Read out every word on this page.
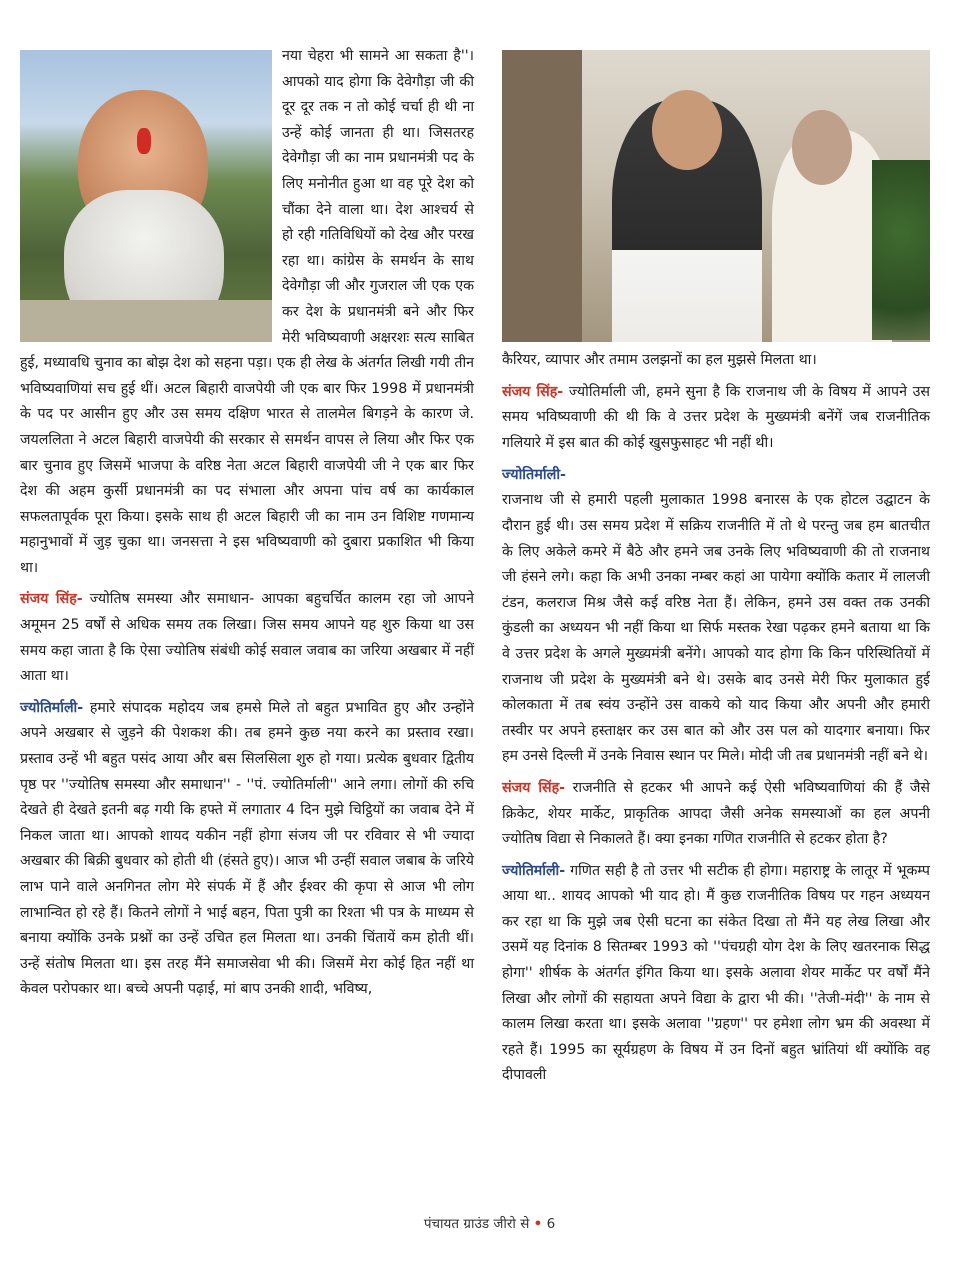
नया चेहरा भी सामने आ सकता है''। आपको याद होगा कि देवेगौड़ा जी की दूर दूर तक न तो कोई चर्चा ही थी ना उन्हें कोई जानता ही था। जिसतरह देवेगौड़ा जी का नाम प्रधानमंत्री पद के लिए मनोनीत हुआ था वह पूरे देश को चौंका देने वाला था। देश आश्चर्य से हो रही गतिविधियों को देख और परख रहा था। कांग्रेस के समर्थन के साथ देवेगौड़ा जी और गुजराल जी एक एक कर देश के प्रधानमंत्री बने और फिर मेरी भविष्यवाणी अक्षरशः सत्य साबित हुई, मध्यावधि चुनाव का बोझ देश को सहना पड़ा। एक ही लेख के अंतर्गत लिखी गयी तीन भविष्यवाणियां सच हुई थीं। अटल बिहारी वाजपेयी जी एक बार फिर 1998 में प्रधानमंत्री के पद पर आसीन हुए और उस समय दक्षिण भारत से तालमेल बिगड़ने के कारण जे. जयललिता ने अटल बिहारी वाजपेयी की सरकार से समर्थन वापस ले लिया और फिर एक बार चुनाव हुए जिसमें भाजपा के वरिष्ठ नेता अटल बिहारी वाजपेयी जी ने एक बार फिर देश की अहम कुर्सी प्रधानमंत्री का पद संभाला और अपना पांच वर्ष का कार्यकाल सफलतापूर्वक पूरा किया। इसके साथ ही अटल बिहारी जी का नाम उन विशिष्ट गणमान्य महानुभावों में जुड़ चुका था। जनसत्ता ने इस भविष्यवाणी को दुबारा प्रकाशित भी किया था।

संजय सिंह- ज्योतिष समस्या और समाधान- आपका बहुचर्चित कालम रहा जो आपने अमूमन 25 वर्षों से अधिक समय तक लिखा। जिस समय आपने यह शुरु किया था उस समय कहा जाता है कि ऐसा ज्योतिष संबंधी कोई सवाल जवाब का जरिया अखबार में नहीं आता था।

ज्योतिर्माली- हमारे संपादक महोदय जब हमसे मिले तो बहुत प्रभावित हुए और उन्होंने अपने अखबार से जुड़ने की पेशकश की। तब हमने कुछ नया करने का प्रस्ताव रखा। प्रस्ताव उन्हें भी बहुत पसंद आया और बस सिलसिला शुरु हो गया। प्रत्येक बुधवार द्वितीय पृष्ठ पर ''ज्योतिष समस्या और समाधान'' - ''पं. ज्योतिर्माली'' आने लगा। लोगों की रुचि देखते ही देखते इतनी बढ़ गयी कि हफ्ते में लगातार 4 दिन मुझे चिट्ठियों का जवाब देने में निकल जाता था। आपको शायद यकीन नहीं होगा संजय जी पर रविवार से भी ज्यादा अखबार की बिक्री बुधवार को होती थी (हंसते हुए)। आज भी उन्हीं सवाल जबाब के जरिये लाभ पाने वाले अनगिनत लोग मेरे संपर्क में हैं और ईश्वर की कृपा से आज भी लोग लाभान्वित हो रहे हैं। कितने लोगों ने भाई बहन, पिता पुत्री का रिश्ता भी पत्र के माध्यम से बनाया क्योंकि उनके प्रश्नों का उन्हें उचित हल मिलता था। उनकी चिंतायें कम होती थीं। उन्हें संतोष मिलता था। इस तरह मैंने समाजसेवा भी की। जिसमें मेरा कोई हित नहीं था केवल परोपकार था। बच्चे अपनी पढ़ाई, मां बाप उनकी शादी, भविष्य,

कैरियर, व्यापार और तमाम उलझनों का हल मुझसे मिलता था।

संजय सिंह- ज्योतिर्माली जी, हमने सुना है कि राजनाथ जी के विषय में आपने उस समय भविष्यवाणी की थी कि वे उत्तर प्रदेश के मुख्यमंत्री बनेंगें जब राजनीतिक गलियारे में इस बात की कोई खुसफुसाहट भी नहीं थी।

ज्योतिर्माली-

राजनाथ जी से हमारी पहली मुलाकात 1998 बनारस के एक होटल उद्घाटन के दौरान हुई थी। उस समय प्रदेश में सक्रिय राजनीति में तो थे परन्तु जब हम बातचीत के लिए अकेले कमरे में बैठे और हमने जब उनके लिए भविष्यवाणी की तो राजनाथ जी हंसने लगे। कहा कि अभी उनका नम्बर कहां आ पायेगा क्योंकि कतार में लालजी टंडन, कलराज मिश्र जैसे कई वरिष्ठ नेता हैं। लेकिन, हमने उस वक्त तक उनकी कुंडली का अध्ययन भी नहीं किया था सिर्फ मस्तक रेखा पढ़कर हमने बताया था कि वे उत्तर प्रदेश के अगले मुख्यमंत्री बनेंगे। आपको याद होगा कि किन परिस्थितियों में राजनाथ जी प्रदेश के मुख्यमंत्री बने थे। उसके बाद उनसे मेरी फिर मुलाकात हुई कोलकाता में तब स्वंय उन्होंने उस वाकये को याद किया और अपनी और हमारी तस्वीर पर अपने हस्ताक्षर कर उस बात को और उस पल को यादगार बनाया। फिर हम उनसे दिल्ली में उनके निवास स्थान पर मिले। मोदी जी तब प्रधानमंत्री नहीं बने थे।

संजय सिंह- राजनीति से हटकर भी आपने कई ऐसी भविष्यवाणियां की हैं जैसे क्रिकेट, शेयर मार्केट, प्राकृतिक आपदा जैसी अनेक समस्याओं का हल अपनी ज्योतिष विद्या से निकालते हैं। क्या इनका गणित राजनीति से हटकर होता है?

ज्योतिर्माली- गणित सही है तो उत्तर भी सटीक ही होगा। महाराष्ट्र के लातूर में भूकम्प आया था.. शायद आपको भी याद हो। मैं कुछ राजनीतिक विषय पर गहन अध्ययन कर रहा था कि मुझे जब ऐसी घटना का संकेत दिखा तो मैंने यह लेख लिखा और उसमें यह दिनांक 8 सितम्बर 1993 को ''पंचग्रही योग देश के लिए खतरनाक सिद्ध होगा'' शीर्षक के अंतर्गत इंगित किया था। इसके अलावा शेयर मार्केट पर वर्षों मैंने लिखा और लोगों की सहायता अपने विद्या के द्वारा भी की। ''तेजी-मंदी'' के नाम से कालम लिखा करता था। इसके अलावा ''ग्रहण'' पर हमेशा लोग भ्रम की अवस्था में रहते हैं। 1995 का सूर्यग्रहण के विषय में उन दिनों बहुत भ्रांतियां थीं क्योंकि वह दीपावली

पंचायत ग्राउंड जीरो से • 6
